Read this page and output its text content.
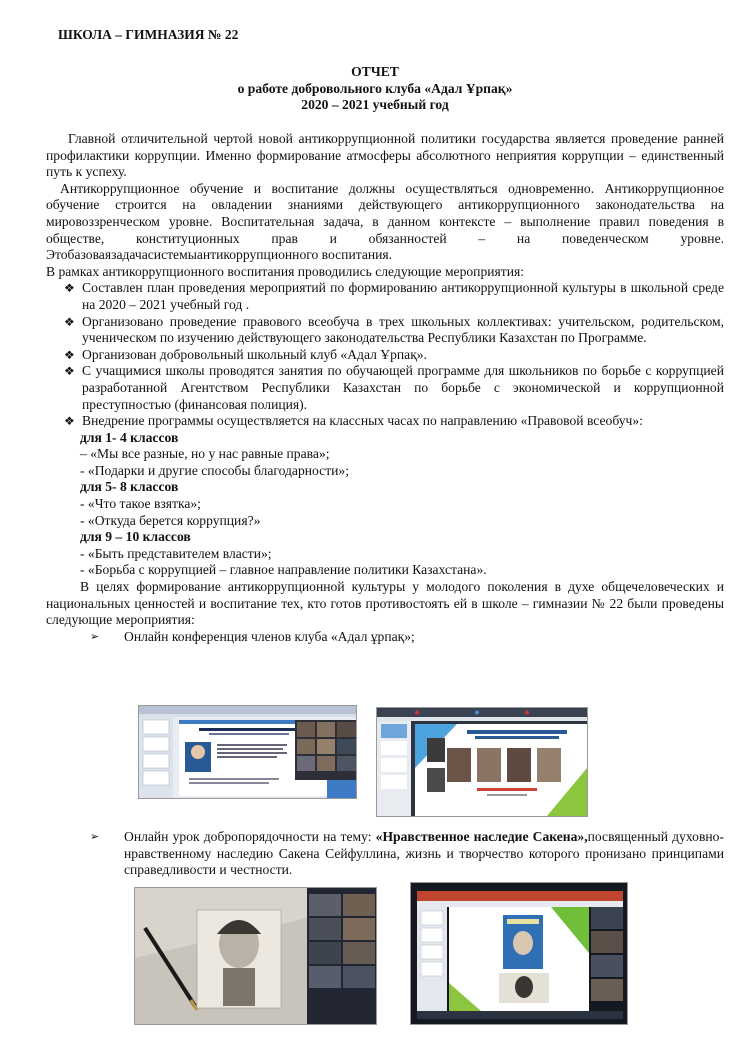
ШКОЛА – ГИМНАЗИЯ № 22
ОТЧЕТ
о работе добровольного клуба «Адал Ұрпақ»
2020 – 2021 учебный год

Главной отличительной чертой новой антикоррупционной политики государства является проведение ранней профилактики коррупции. Именно формирование атмосферы абсолютного неприятия коррупции – единственный путь к успеху.

Антикоррупционное обучение и воспитание должны осуществляться одновременно. Антикоррупционное обучение строится на овладении знаниями действующего антикоррупционного законодательства на мировоззренческом уровне. Воспитательная задача, в данном контексте – выполнение правил поведения в обществе, конституционных прав и обязанностей – на поведенческом уровне. Этобазоваязадачасистемыантикоррупционного воспитания.

В рамках антикоррупционного воспитания проводились следующие мероприятия:

❖ Составлен план проведения мероприятий по формированию антикоррупционной культуры в школьной среде на 2020 – 2021 учебный год .
❖ Организовано проведение правового всеобуча в трех школьных коллективах: учительском, родительском, ученическом по изучению действующего законодательства Республики Казахстан по Программе.
❖ Организован добровольный школьный клуб «Адал Ұрпақ».
❖ С учащимися школы проводятся занятия по обучающей программе для школьников по борьбе с коррупцией разработанной Агентством Республики Казахстан по борьбе с экономической и коррупционной преступностью (финансовая полиция).
❖ Внедрение программы осуществляется на классных часах по направлению «Правовой всеобуч»:
для 1- 4 классов
– «Мы все разные, но у нас равные права»;
- «Подарки и другие способы благодарности»;
для 5- 8 классов
- «Что такое взятка»;
- «Откуда берется коррупция?»
для 9 – 10 классов
- «Быть представителем власти»;
- «Борьба с коррупцией – главное направление политики Казахстана».

В целях формирование антикоррупционной культуры у молодого поколения в духе общечеловеческих и национальных ценностей и воспитание тех, кто готов противостоять ей в школе – гимназии № 22 были проведены следующие мероприятия:

➢ Онлайн конференция членов клуба «Адал ұрпақ»;
➢ Онлайн урок добропорядочности на тему: «Нравственное наследие Сакена»,посвященный духовно-нравственному наследию Сакена Сейфуллина, жизнь и творчество которого пронизано принципами справедливости и честности.
